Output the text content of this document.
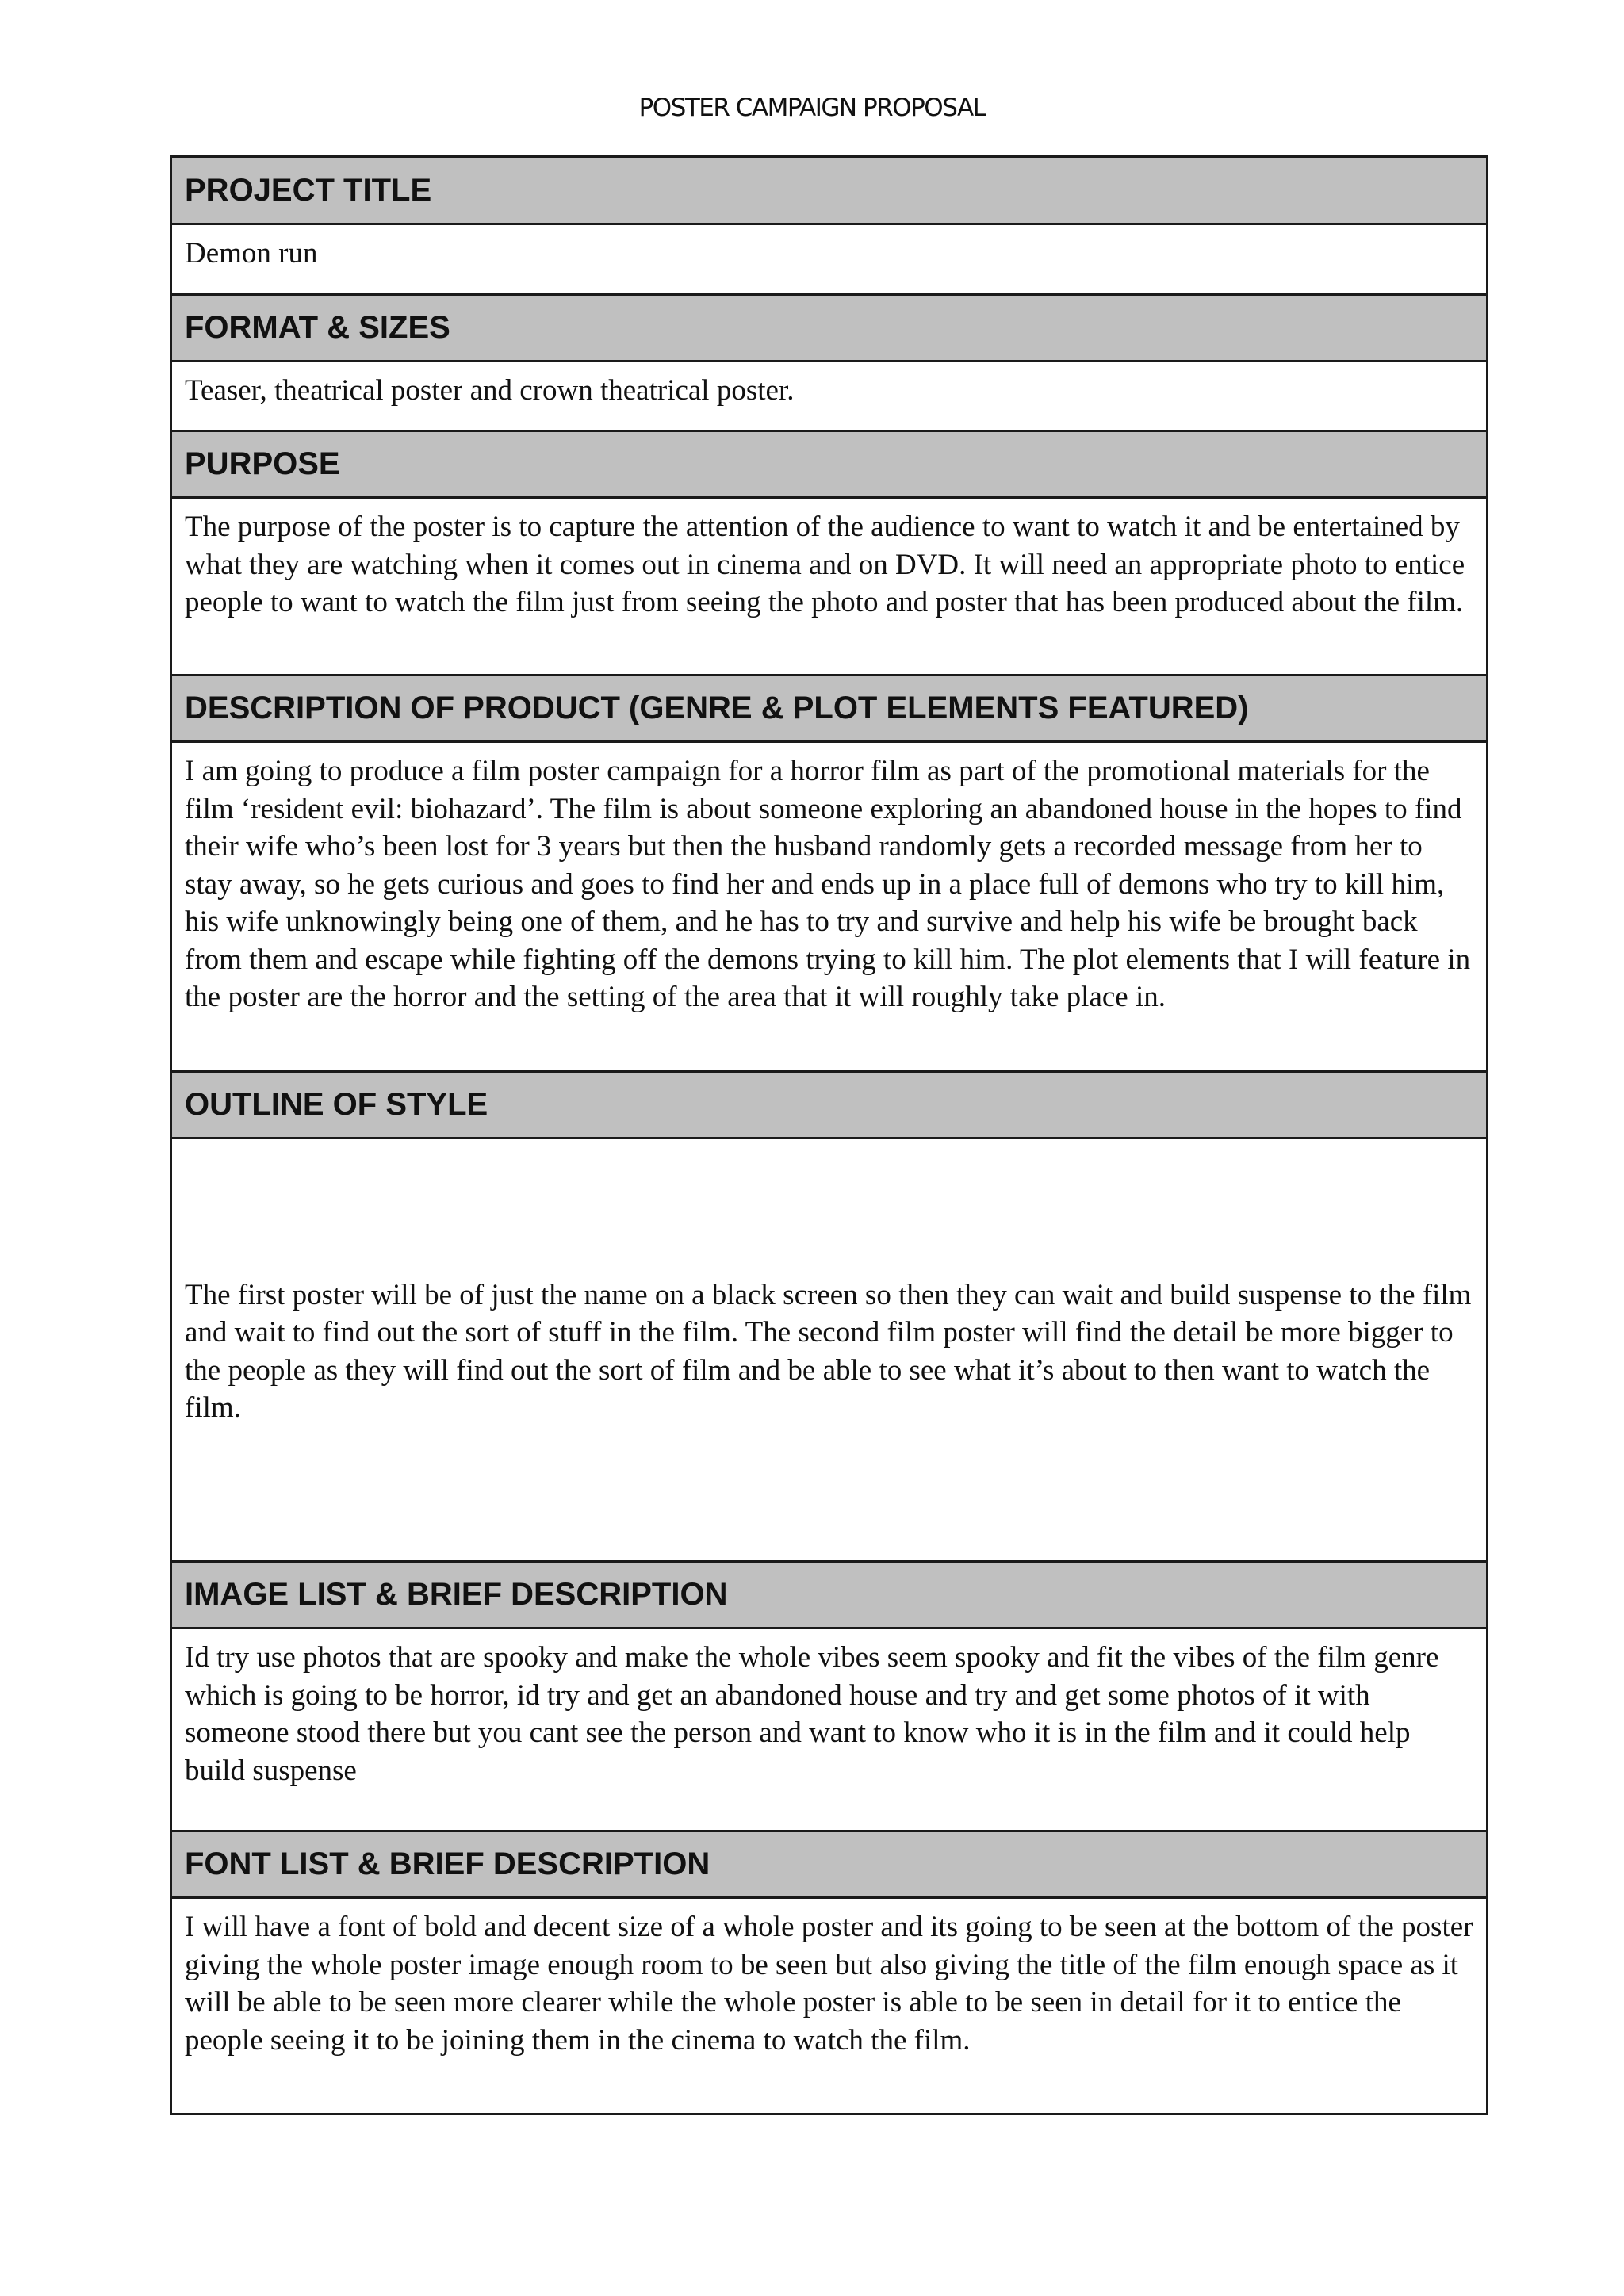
POSTER CAMPAIGN PROPOSAL
PROJECT TITLE

Demon run

FORMAT & SIZES

Teaser, theatrical poster and crown theatrical poster.

PURPOSE

The purpose of the poster is to capture the attention of the audience to want to watch it and be entertained by what they are watching when it comes out in cinema and on DVD. It will need an appropriate photo to entice people to want to watch the film just from seeing the photo and poster that has been produced about the film.

DESCRIPTION OF PRODUCT (GENRE & PLOT ELEMENTS FEATURED)

I am going to produce a film poster campaign for a horror film as part of the promotional materials for the film ‘resident evil: biohazard’. The film is about someone exploring an abandoned house in the hopes to find their wife who’s been lost for 3 years but then the husband randomly gets a recorded message from her to stay away, so he gets curious and goes to find her and ends up in a place full of demons who try to kill him, his wife unknowingly being one of them, and he has to try and survive and help his wife be brought back from them and escape while fighting off the demons trying to kill him. The plot elements that I will feature in the poster are the horror and the setting of the area that it will roughly take place in.

OUTLINE OF STYLE

The first poster will be of just the name on a black screen so then they can wait and build suspense to the film and wait to find out the sort of stuff in the film. The second film poster will find the detail be more bigger to the people as they will find out the sort of film and be able to see what it’s about to then want to watch the film.

IMAGE LIST & BRIEF DESCRIPTION

Id try use photos that are spooky and make the whole vibes seem spooky and fit the vibes of the film genre which is going to be horror, id try and get an abandoned house and try and get some photos of it with someone stood there but you cant see the person and want to know who it is in the film and it could help build suspense

FONT LIST & BRIEF DESCRIPTION

I will have a font of bold and decent size of a whole poster and its going to be seen at the bottom of the poster giving the whole poster image enough room to be seen but also giving the title of the film enough space as it will be able to be seen more clearer while the whole poster is able to be seen in detail for it to entice the people seeing it to be joining them in the cinema to watch the film.
